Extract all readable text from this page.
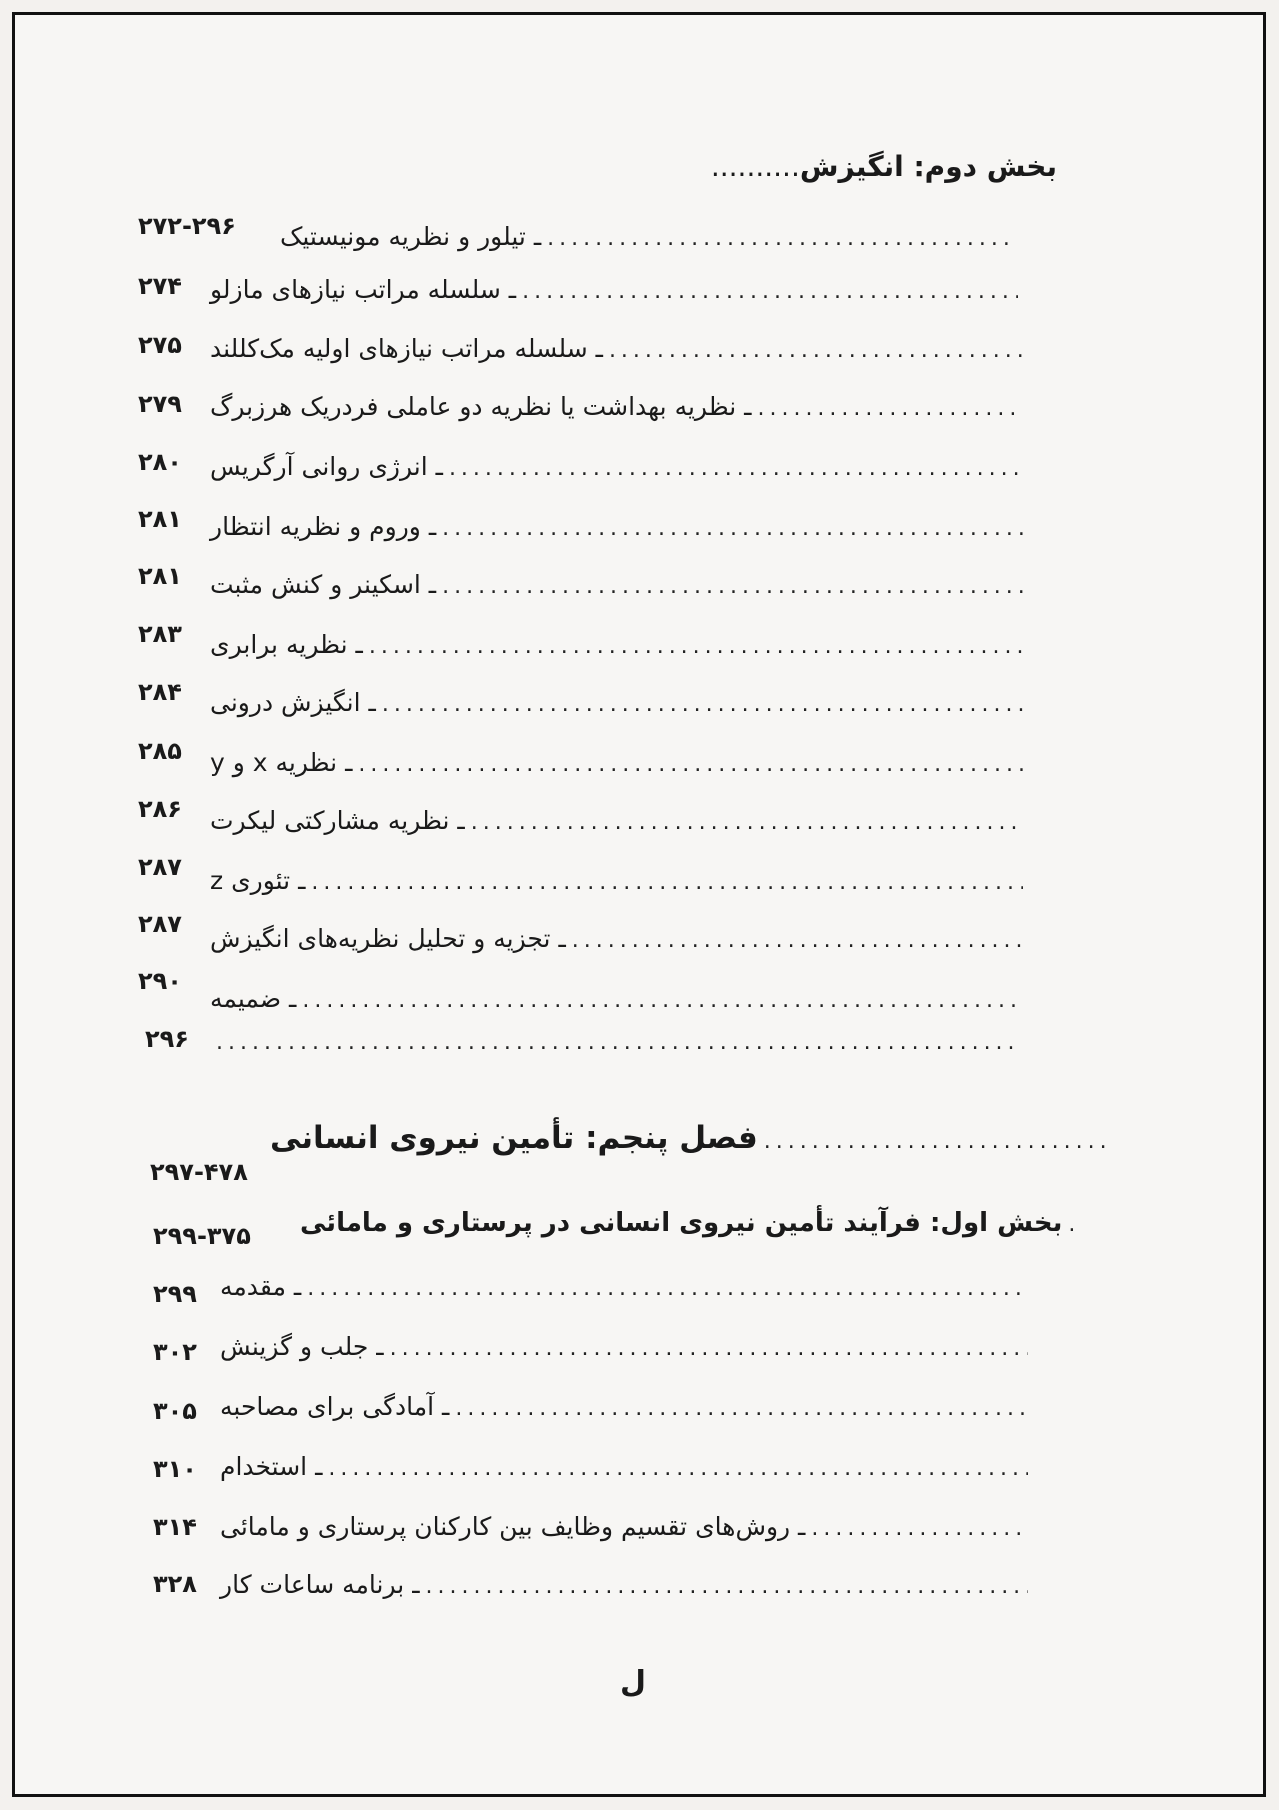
بخش دوم: انگیزش..........
ـ تیلور و نظریه مونیستیک
.....
۲۷۲-۲۹۶
ـ سلسله مراتب نیازهای مازلو
.....
۲۷۴
ـ سلسله مراتب نیازهای اولیه مک‌کللند
.....
۲۷۵
ـ نظریه بهداشت یا نظریه دو عاملی فردریک هرزبرگ
.....
۲۷۹
ـ انرژی روانی آرگریس
.....
۲۸۰
ـ وروم و نظریه انتظار
.....
۲۸۱
ـ اسکینر و کنش مثبت
.....
۲۸۱
ـ نظریه برابری
.....
۲۸۳
ـ انگیزش درونی
.....
۲۸۴
ـ نظریه x و y
.....
۲۸۵
ـ نظریه مشارکتی لیکرت
.....
۲۸۶
ـ تئوری z
.....
۲۸۷
ـ تجزیه و تحلیل نظریه‌های انگیزش
.....
۲۸۷
ـ ضمیمه
.....
۲۹۰
.....
۲۹۶
فصل پنجم: تأمین نیروی انسانی
.....
۲۹۷-۴۷۸
بخش اول: فرآیند تأمین نیروی انسانی در پرستاری و مامائی
.....
۲۹۹-۳۷۵
ـ مقدمه
.....
۲۹۹
ـ جلب و گزینش
.....
۳۰۲
ـ آمادگی برای مصاحبه
.....
۳۰۵
ـ استخدام
.....
۳۱۰
ـ روش‌های تقسیم وظایف بین کارکنان پرستاری و مامائی
.....
۳۱۴
ـ برنامه ساعات کار
.....
۳۲۸
ل
